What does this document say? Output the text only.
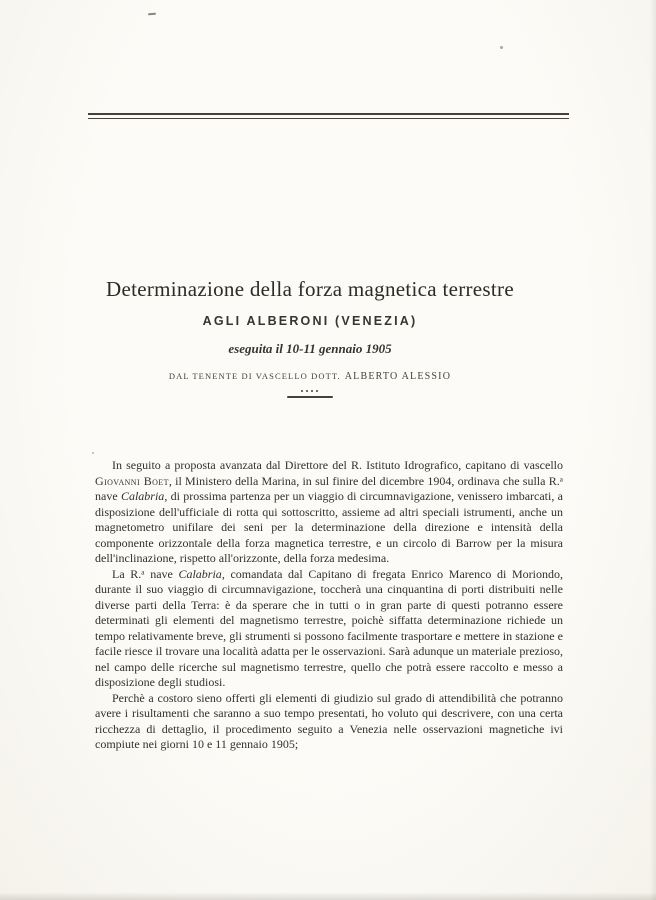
Determinazione della forza magnetica terrestre
AGLI ALBERONI (VENEZIA)
eseguita il 10-11 gennaio 1905
DAL TENENTE DI VASCELLO DOTT. ALBERTO ALESSIO

In seguito a proposta avanzata dal Direttore del R. Istituto Idrografico, capitano di vascello Giovanni Boet, il Ministero della Marina, in sul finire del dicembre 1904, ordinava che sulla R.ᵃ nave Calabria, di prossima partenza per un viaggio di circumnavigazione, venissero imbarcati, a disposizione dell'ufficiale di rotta qui sottoscritto, assieme ad altri speciali istrumenti, anche un magnetometro unifilare dei seni per la determinazione della direzione e intensità della componente orizzontale della forza magnetica terrestre, e un circolo di Barrow per la misura dell'inclinazione, rispetto all'orizzonte, della forza medesima.

La R.ᵃ nave Calabria, comandata dal Capitano di fregata Enrico Marenco di Moriondo, durante il suo viaggio di circumnavigazione, toccherà una cinquantina di porti distribuiti nelle diverse parti della Terra: è da sperare che in tutti o in gran parte di questi potranno essere determinati gli elementi del magnetismo terrestre, poichè siffatta determinazione richiede un tempo relativamente breve, gli strumenti si possono facilmente trasportare e mettere in stazione e facile riesce il trovare una località adatta per le osservazioni. Sarà adunque un materiale prezioso, nel campo delle ricerche sul magnetismo terrestre, quello che potrà essere raccolto e messo a disposizione degli studiosi.

Perchè a costoro sieno offerti gli elementi di giudizio sul grado di attendibilità che potranno avere i risultamenti che saranno a suo tempo presentati, ho voluto qui descrivere, con una certa ricchezza di dettaglio, il procedimento seguito a Venezia nelle osservazioni magnetiche ivi compiute nei giorni 10 e 11 gennaio 1905;
